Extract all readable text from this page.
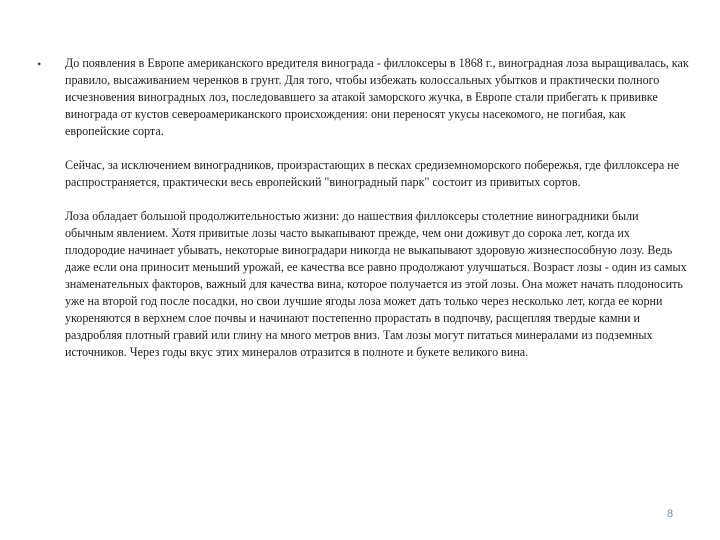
• До появления в Европе американского вредителя винограда - филлоксеры в 1868 г., виноградная лоза выращивалась, как правило, высаживанием черенков в грунт. Для того, чтобы избежать колоссальных убытков и практически полного исчезновения виноградных лоз, последовавшего за атакой заморского жучка, в Европе стали прибегать к прививке винограда от кустов североамериканского происхождения: они переносят укусы насекомого, не погибая, как европейские сорта.

Сейчас, за исключением виноградников, произрастающих в песках средиземноморского побережья, где филлоксера не распространяется, практически весь европейский "виноградный парк" состоит из привитых сортов.

Лоза обладает большой продолжительностью жизни: до нашествия филлоксеры столетние виноградники были обычным явлением. Хотя привитые лозы часто выкапывают прежде, чем они доживут до сорока лет, когда их плодородие начинает убывать, некоторые виноградари никогда не выкапывают здоровую жизнеспособную лозу. Ведь даже если она приносит меньший урожай, ее качества все равно продолжают улучшаться. Возраст лозы - один из самых знаменательных факторов, важный для качества вина, которое получается из этой лозы. Она может начать плодоносить уже на второй год после посадки, но свои лучшие ягоды лоза может дать только через несколько лет, когда ее корни укореняются в верхнем слое почвы и начинают постепенно прорастать в подпочву, расщепляя твердые камни и раздробляя плотный гравий или глину на много метров вниз. Там лозы могут питаться минералами из подземных источников. Через годы вкус этих минералов отразится в полноте и букете великого вина.

8
